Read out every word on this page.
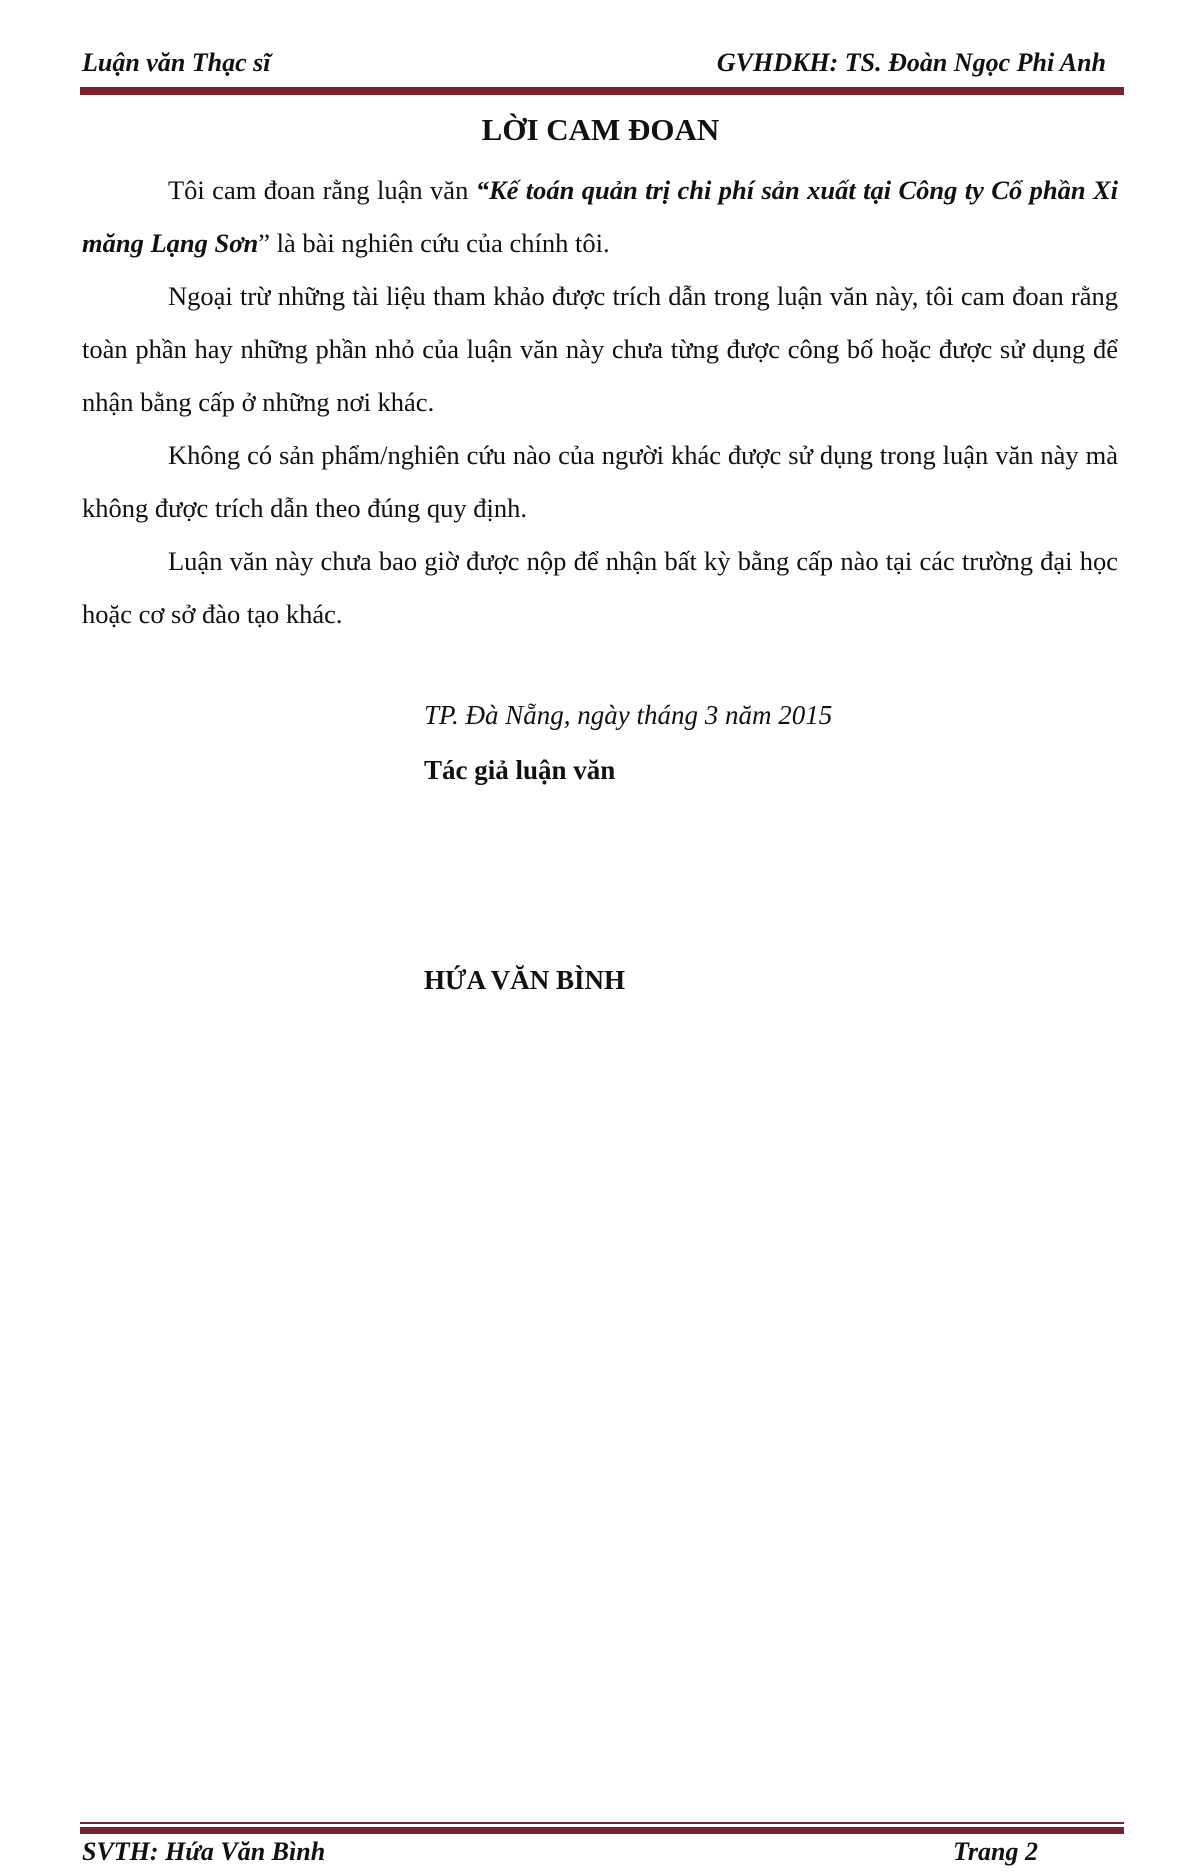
Luận văn Thạc sĩ	GVHDKH: TS. Đoàn Ngọc Phi Anh
LỜI CAM ĐOAN

Tôi cam đoan rằng luận văn “Kế toán quản trị chi phí sản xuất tại Công ty Cổ phần Xi măng Lạng Sơn” là bài nghiên cứu của chính tôi.

Ngoại trừ những tài liệu tham khảo được trích dẫn trong luận văn này, tôi cam đoan rằng toàn phần hay những phần nhỏ của luận văn này chưa từng được công bố hoặc được sử dụng để nhận bằng cấp ở những nơi khác.

Không có sản phẩm/nghiên cứu nào của người khác được sử dụng trong luận văn này mà không được trích dẫn theo đúng quy định.

Luận văn này chưa bao giờ được nộp để nhận bất kỳ bằng cấp nào tại các trường đại học hoặc cơ sở đào tạo khác.

TP. Đà Nẵng, ngày tháng 3 năm 2015
Tác giả luận văn
HỨA VĂN BÌNH
SVTH: Hứa Văn Bình	Trang 2
